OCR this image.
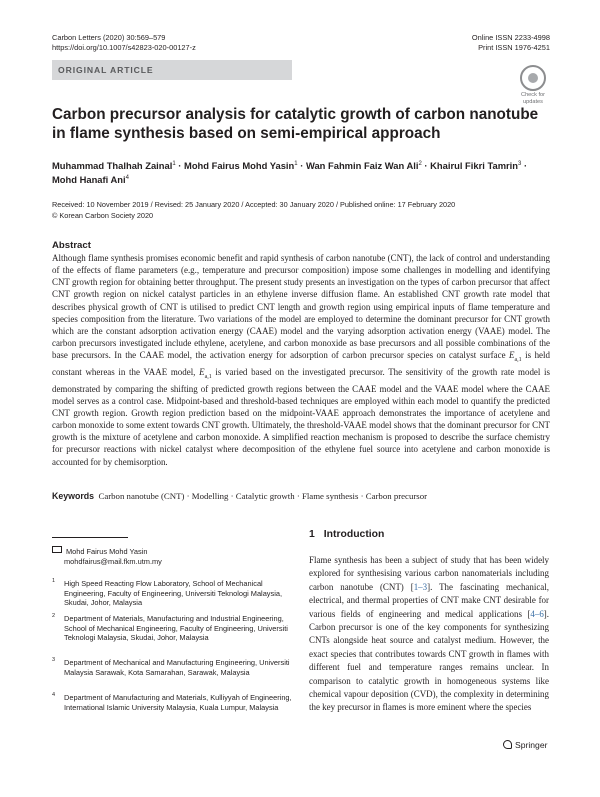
Carbon Letters (2020) 30:569–579
https://doi.org/10.1007/s42823-020-00127-z
Online ISSN 2233-4998
Print ISSN 1976-4251
ORIGINAL ARTICLE
Check for
updates
Carbon precursor analysis for catalytic growth of carbon nanotube in flame synthesis based on semi-empirical approach
Muhammad Thalhah Zainal$^1$ · Mohd Fairus Mohd Yasin$^1$ · Wan Fahmin Faiz Wan Ali$^2$ · Khairul Fikri Tamrin$^3$ ·
Mohd Hanafi Ani$^4$
Received: 10 November 2019 / Revised: 25 January 2020 / Accepted: 30 January 2020 / Published online: 17 February 2020
© Korean Carbon Society 2020
Abstract

Although flame synthesis promises economic benefit and rapid synthesis of carbon nanotube (CNT), the lack of control and understanding of the effects of flame parameters (e.g., temperature and precursor composition) impose some challenges in modelling and identifying CNT growth region for obtaining better throughput. The present study presents an investigation on the types of carbon precursor that affect CNT growth region on nickel catalyst particles in an ethylene inverse diffusion flame. An established CNT growth rate model that describes physical growth of CNT is utilised to predict CNT length and growth region using empirical inputs of flame temperature and species composition from the literature. Two variations of the model are employed to determine the dominant precursor for CNT growth which are the constant adsorption activation energy (CAAE) model and the varying adsorption activation energy (VAAE) model. The carbon precursors investigated include ethylene, acetylene, and carbon monoxide as base precursors and all possible combinations of the base precursors. In the CAAE model, the activation energy for adsorption of carbon precursor species on catalyst surface $E_{a,1}$ is held constant whereas in the VAAE model, $E_{a,1}$ is varied based on the investigated precursor. The sensitivity of the growth rate model is demonstrated by comparing the shifting of predicted growth regions between the CAAE model and the VAAE model where the CAAE model serves as a control case. Midpoint-based and threshold-based techniques are employed within each model to quantify the predicted CNT growth region. Growth region prediction based on the midpoint-VAAE approach demonstrates the importance of acetylene and carbon monoxide to some extent towards CNT growth. Ultimately, the threshold-VAAE model shows that the dominant precursor for CNT growth is the mixture of acetylene and carbon monoxide. A simplified reaction mechanism is proposed to describe the surface chemistry for precursor reactions with nickel catalyst where decomposition of the ethylene fuel source into acetylene and carbon monoxide is accounted for by chemisorption.

Keywords Carbon nanotube (CNT) · Modelling · Catalytic growth · Flame synthesis · Carbon precursor
Mohd Fairus Mohd Yasin
mohdfairus@mail.fkm.utm.my
1 High Speed Reacting Flow Laboratory, School of Mechanical Engineering, Faculty of Engineering, Universiti Teknologi Malaysia, Skudai, Johor, Malaysia
2 Department of Materials, Manufacturing and Industrial Engineering, School of Mechanical Engineering, Faculty of Engineering, Universiti Teknologi Malaysia, Skudai, Johor, Malaysia
3 Department of Mechanical and Manufacturing Engineering, Universiti Malaysia Sarawak, Kota Samarahan, Sarawak, Malaysia
4 Department of Manufacturing and Materials, Kulliyyah of Engineering, International Islamic University Malaysia, Kuala Lumpur, Malaysia
1 Introduction

Flame synthesis has been a subject of study that has been widely explored for synthesising various carbon nanomaterials including carbon nanotube (CNT) [1–3]. The fascinating mechanical, electrical, and thermal properties of CNT make CNT desirable for various fields of engineering and medical applications [4–6]. Carbon precursor is one of the key components for synthesizing CNTs alongside heat source and catalyst medium. However, the exact species that contributes towards CNT growth in flames with different fuel and temperature ranges remains unclear. In comparison to catalytic growth in homogeneous systems like chemical vapour deposition (CVD), the complexity in determining the key precursor in flames is more eminent where the species

Springer
